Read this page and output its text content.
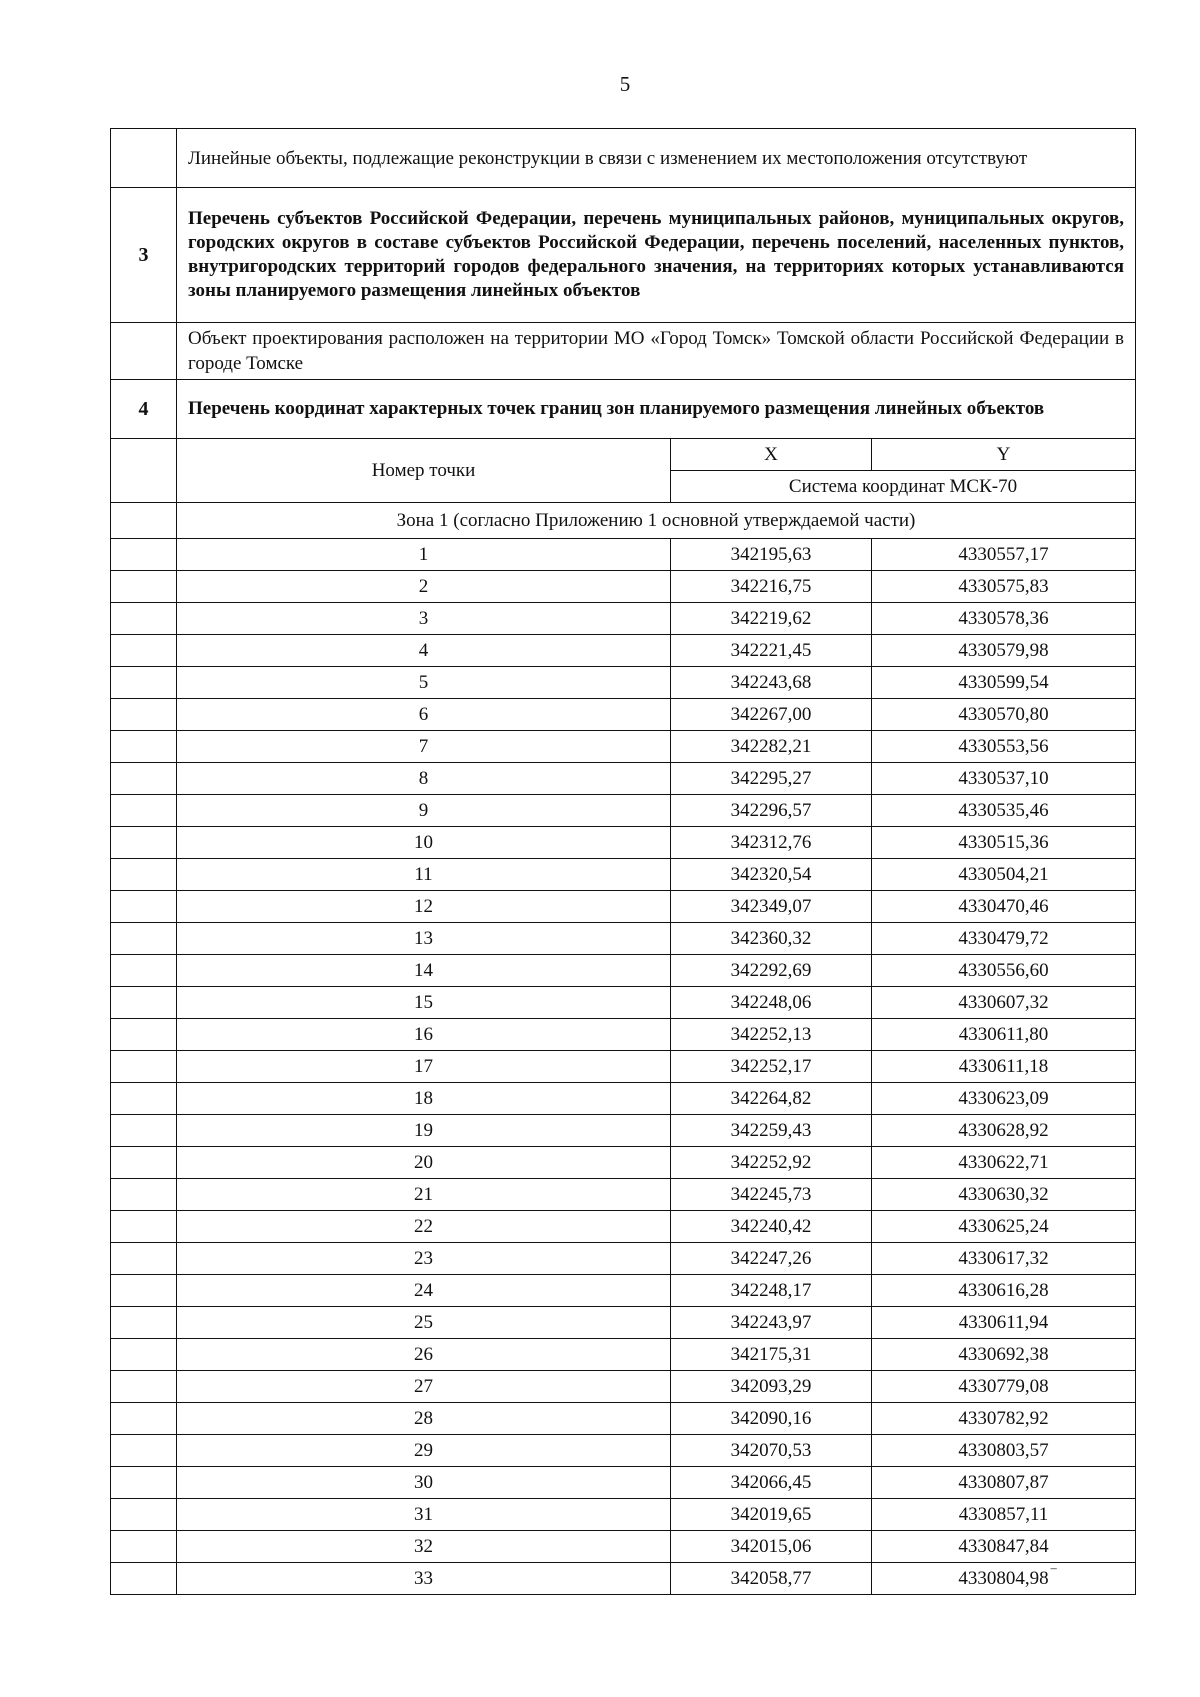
5
	Линейные объекты, подлежащие реконструкции в связи с изменением их местоположения отсутствуют		
3	Перечень субъектов Российской Федерации, перечень муниципальных районов, муниципальных округов, городских округов в составе субъектов Российской Федерации, перечень поселений, населенных пунктов, внутригородских территорий городов федерального значения, на территориях которых устанавливаются зоны планируемого размещения линейных объектов		
	Объект проектирования расположен на территории МО «Город Томск» Томской области Российской Федерации в городе Томске		
4	Перечень координат характерных точек границ зон планируемого размещения линейных объектов		
	Номер точки	X	Y
		Система координат МСК-70	
	Зона 1 (согласно Приложению 1 основной утверждаемой части)		
	1	342195,63	4330557,17
	2	342216,75	4330575,83
	3	342219,62	4330578,36
	4	342221,45	4330579,98
	5	342243,68	4330599,54
	6	342267,00	4330570,80
	7	342282,21	4330553,56
	8	342295,27	4330537,10
	9	342296,57	4330535,46
	10	342312,76	4330515,36
	11	342320,54	4330504,21
	12	342349,07	4330470,46
	13	342360,32	4330479,72
	14	342292,69	4330556,60
	15	342248,06	4330607,32
	16	342252,13	4330611,80
	17	342252,17	4330611,18
	18	342264,82	4330623,09
	19	342259,43	4330628,92
	20	342252,92	4330622,71
	21	342245,73	4330630,32
	22	342240,42	4330625,24
	23	342247,26	4330617,32
	24	342248,17	4330616,28
	25	342243,97	4330611,94
	26	342175,31	4330692,38
	27	342093,29	4330779,08
	28	342090,16	4330782,92
	29	342070,53	4330803,57
	30	342066,45	4330807,87
	31	342019,65	4330857,11
	32	342015,06	4330847,84
	33	342058,77	4330804,98 ‾
